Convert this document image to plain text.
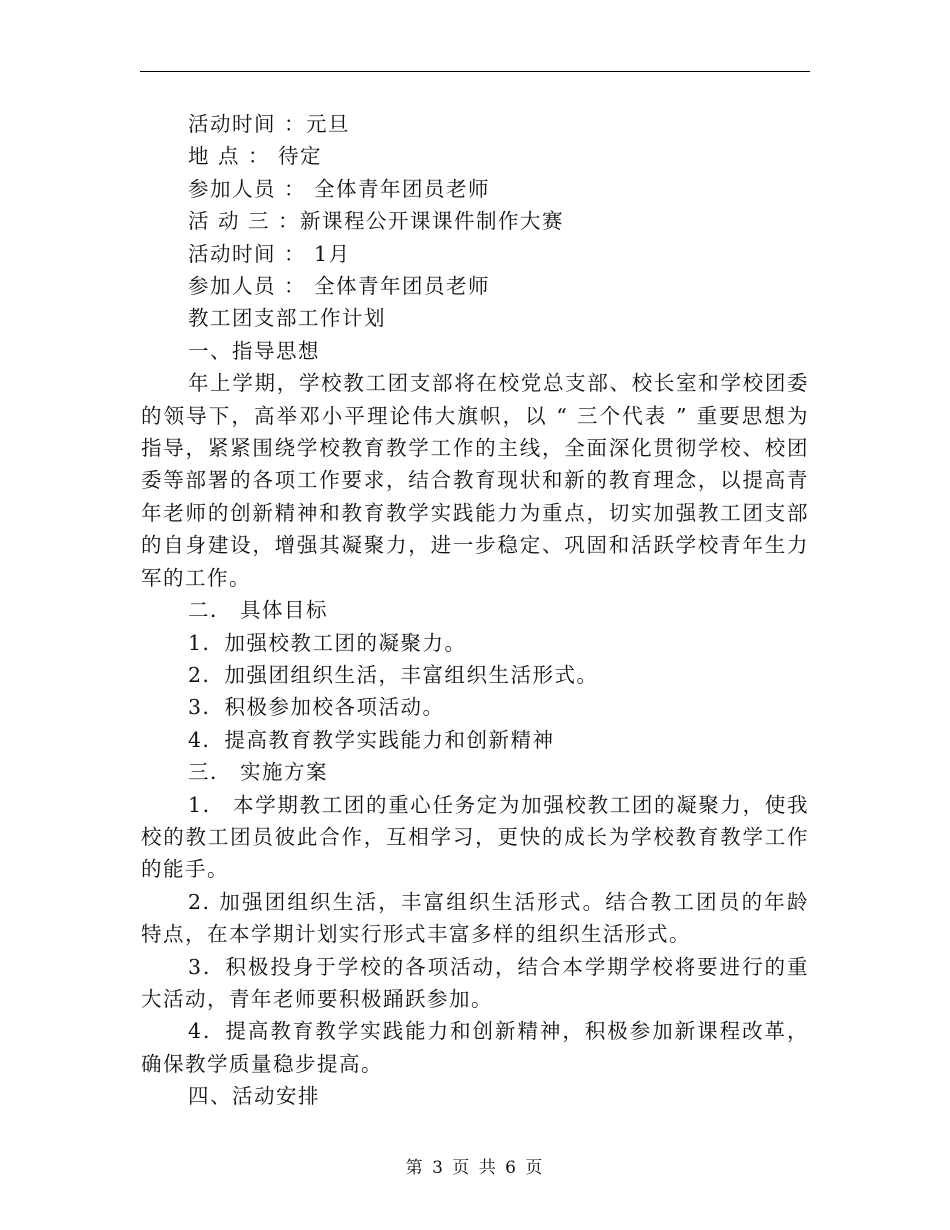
活动时间 ：元旦

地 点 ： 待定

参加人员 ： 全体青年团员老师

活 动 三 ：新课程公开课课件制作大赛

活动时间 ： 1月

参加人员 ： 全体青年团员老师

教工团支部工作计划

一、指导思想

年上学期，学校教工团支部将在校党总支部、校长室和学校团委的领导下，高举邓小平理论伟大旗帜，以 “ 三个代表 ” 重要思想为指导，紧紧围绕学校教育教学工作的主线，全面深化贯彻学校、校团委等部署的各项工作要求，结合教育现状和新的教育理念，以提高青年老师的创新精神和教育教学实践能力为重点，切实加强教工团支部的自身建设，增强其凝聚力，进一步稳定、巩固和活跃学校青年生力军的工作。

二． 具体目标

1．加强校教工团的凝聚力。

2．加强团组织生活，丰富组织生活形式。

3．积极参加校各项活动。

4．提高教育教学实践能力和创新精神

三． 实施方案

1． 本学期教工团的重心任务定为加强校教工团的凝聚力，使我校的教工团员彼此合作，互相学习，更快的成长为学校教育教学工作的能手。

2. 加强团组织生活，丰富组织生活形式。结合教工团员的年龄特点，在本学期计划实行形式丰富多样的组织生活形式。

3．积极投身于学校的各项活动，结合本学期学校将要进行的重大活动，青年老师要积极踊跃参加。

4．提高教育教学实践能力和创新精神，积极参加新课程改革，确保教学质量稳步提高。

四、活动安排

第 3 页 共 6 页
